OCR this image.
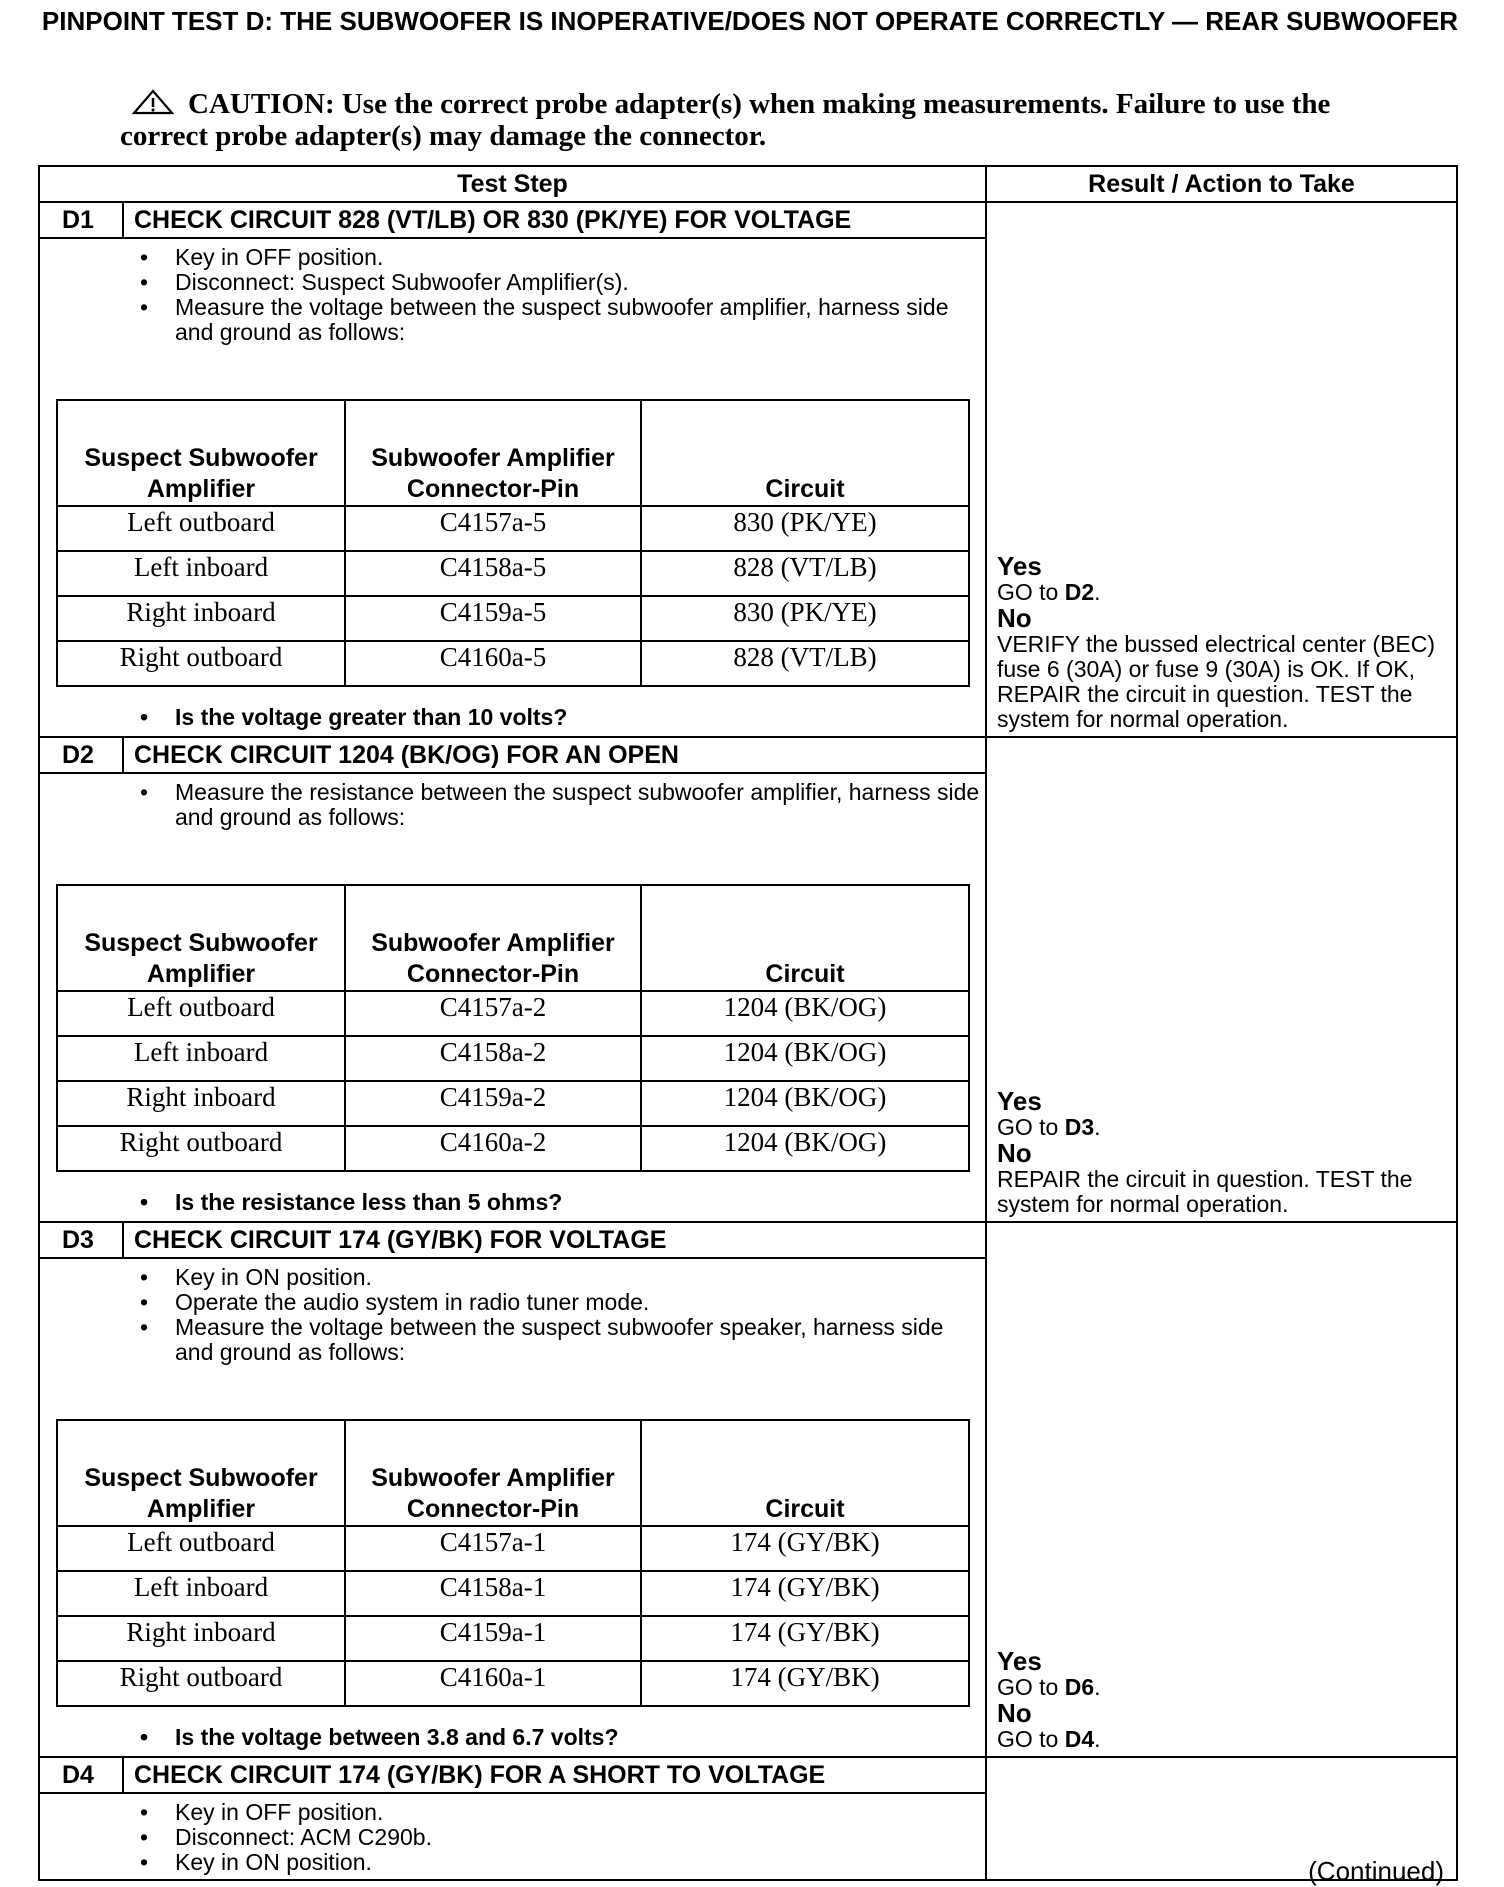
PINPOINT TEST D: THE SUBWOOFER IS INOPERATIVE/DOES NOT OPERATE CORRECTLY — REAR SUBWOOFER
CAUTION: Use the correct probe adapter(s) when making measurements. Failure to use the correct probe adapter(s) may damage the connector.
Test Step	Result / Action to Take

D1	CHECK CIRCUIT 828 (VT/LB) OR 830 (PK/YE) FOR VOLTAGE
• Key in OFF position.
• Disconnect: Suspect Subwoofer Amplifier(s).
• Measure the voltage between the suspect subwoofer amplifier, harness side and ground as follows:
Suspect Subwoofer Amplifier	Subwoofer Amplifier Connector-Pin	Circuit
Left outboard	C4157a-5	830 (PK/YE)
Left inboard	C4158a-5	828 (VT/LB)
Right inboard	C4159a-5	830 (PK/YE)
Right outboard	C4160a-5	828 (VT/LB)
• Is the voltage greater than 10 volts?

Yes
GO to D2.
No
VERIFY the bussed electrical center (BEC) fuse 6 (30A) or fuse 9 (30A) is OK. If OK, REPAIR the circuit in question. TEST the system for normal operation.

D2	CHECK CIRCUIT 1204 (BK/OG) FOR AN OPEN
• Measure the resistance between the suspect subwoofer amplifier, harness side and ground as follows:
Suspect Subwoofer Amplifier	Subwoofer Amplifier Connector-Pin	Circuit
Left outboard	C4157a-2	1204 (BK/OG)
Left inboard	C4158a-2	1204 (BK/OG)
Right inboard	C4159a-2	1204 (BK/OG)
Right outboard	C4160a-2	1204 (BK/OG)
• Is the resistance less than 5 ohms?

Yes
GO to D3.
No
REPAIR the circuit in question. TEST the system for normal operation.

D3	CHECK CIRCUIT 174 (GY/BK) FOR VOLTAGE
• Key in ON position.
• Operate the audio system in radio tuner mode.
• Measure the voltage between the suspect subwoofer speaker, harness side and ground as follows:
Suspect Subwoofer Amplifier	Subwoofer Amplifier Connector-Pin	Circuit
Left outboard	C4157a-1	174 (GY/BK)
Left inboard	C4158a-1	174 (GY/BK)
Right inboard	C4159a-1	174 (GY/BK)
Right outboard	C4160a-1	174 (GY/BK)
• Is the voltage between 3.8 and 6.7 volts?

Yes
GO to D6.
No
GO to D4.

D4	CHECK CIRCUIT 174 (GY/BK) FOR A SHORT TO VOLTAGE
• Key in OFF position.
• Disconnect: ACM C290b.
• Key in ON position.
		(Continued)
